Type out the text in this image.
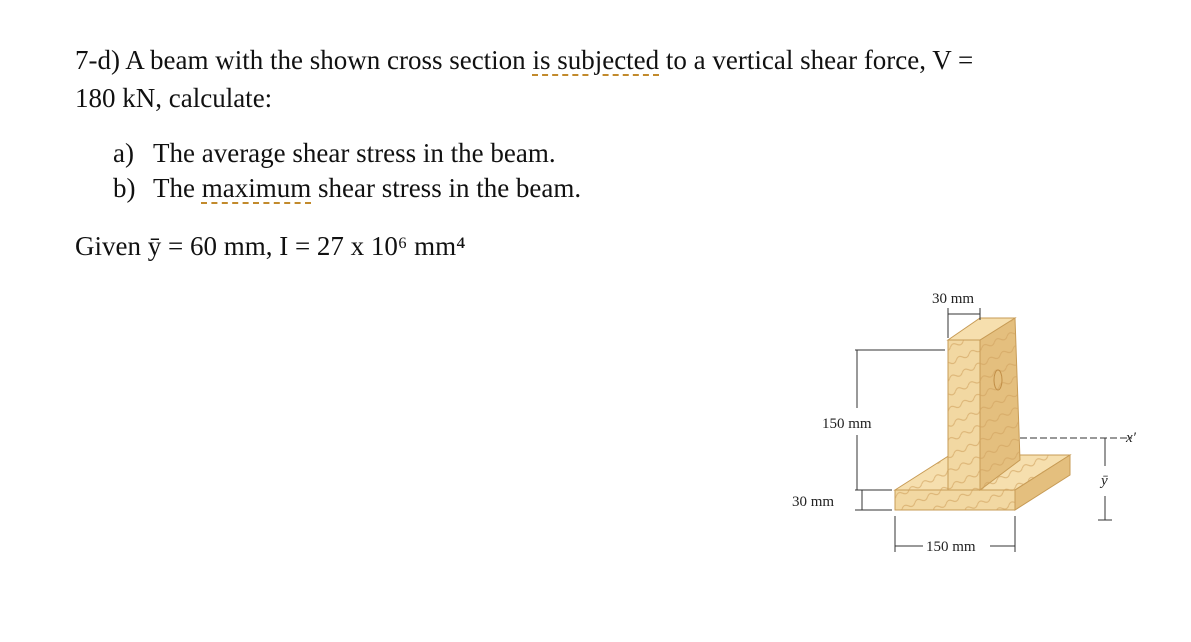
7-d) A beam with the shown cross section is subjected to a vertical shear force, V =
180 kN, calculate:
a) The average shear stress in the beam.
b) The maximum shear stress in the beam.
Given ȳ = 60 mm, I = 27 x 10⁶ mm⁴
30 mm
150 mm
30 mm
150 mm
ȳ
x′
